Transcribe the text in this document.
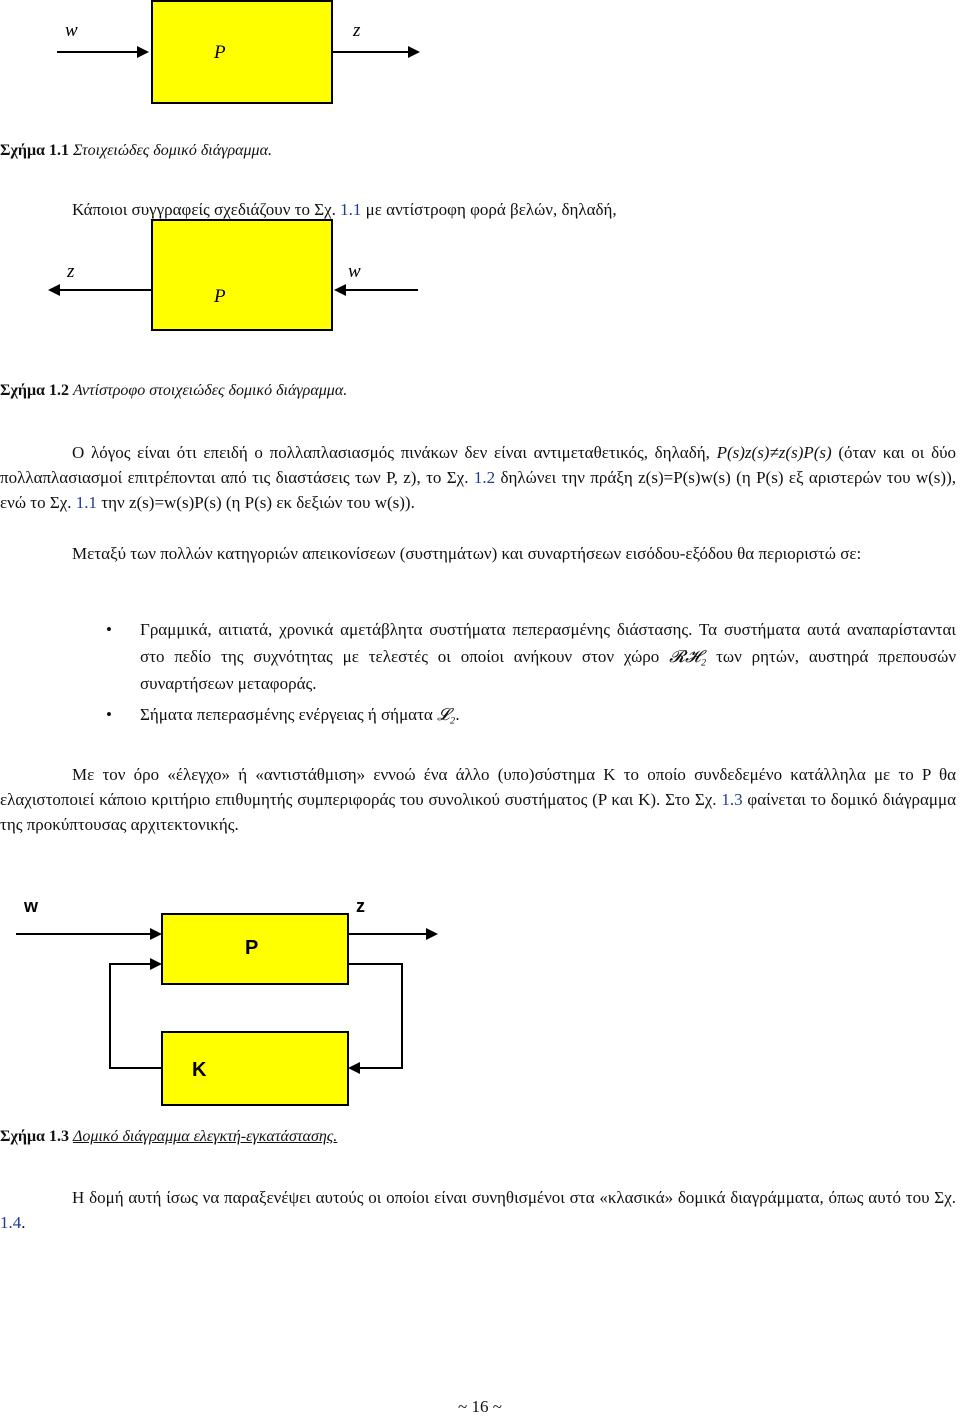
w	z
P
Σχήμα 1.1 Στοιχειώδες δομικό διάγραμμα.
Κάποιοι συγγραφείς σχεδιάζουν το Σχ. 1.1 με αντίστροφη φορά βελών, δηλαδή,
z	w
P
Σχήμα 1.2 Αντίστροφο στοιχειώδες δομικό διάγραμμα.
Ο λόγος είναι ότι επειδή ο πολλαπλασιασμός πινάκων δεν είναι αντιμεταθετικός, δηλαδή, P(s)z(s)≠z(s)P(s) (όταν και οι δύο πολλαπλασιασμοί επιτρέπονται από τις διαστάσεις των P, z), το Σχ. 1.2 δηλώνει την πράξη z(s)=P(s)w(s) (η P(s) εξ αριστερών του w(s)), ενώ το Σχ. 1.1 την z(s)=w(s)P(s) (η P(s) εκ δεξιών του w(s)).
Μεταξύ των πολλών κατηγοριών απεικονίσεων (συστημάτων) και συναρτήσεων εισόδου-εξόδου θα περιοριστώ σε:
• Γραμμικά, αιτιατά, χρονικά αμετάβλητα συστήματα πεπερασμένης διάστασης. Τα συστήματα αυτά αναπαρίστανται στο πεδίο της συχνότητας με τελεστές οι οποίοι ανήκουν στον χώρο 𝓡𝓗₂ των ρητών, αυστηρά πρεπουσών συναρτήσεων μεταφοράς.
• Σήματα πεπερασμένης ενέργειας ή σήματα 𝓛₂.
Με τον όρο «έλεγχο» ή «αντιστάθμιση» εννοώ ένα άλλο (υπο)σύστημα K το οποίο συνδεδεμένο κατάλληλα με το P θα ελαχιστοποιεί κάποιο κριτήριο επιθυμητής συμπεριφοράς του συνολικού συστήματος (P και K). Στο Σχ. 1.3 φαίνεται το δομικό διάγραμμα της προκύπτουσας αρχιτεκτονικής.
w	z
P
K
Σχήμα 1.3 Δομικό διάγραμμα ελεγκτή-εγκατάστασης.
Η δομή αυτή ίσως να παραξενέψει αυτούς οι οποίοι είναι συνηθισμένοι στα «κλασικά» δομικά διαγράμματα, όπως αυτό του Σχ. 1.4.
~ 16 ~
